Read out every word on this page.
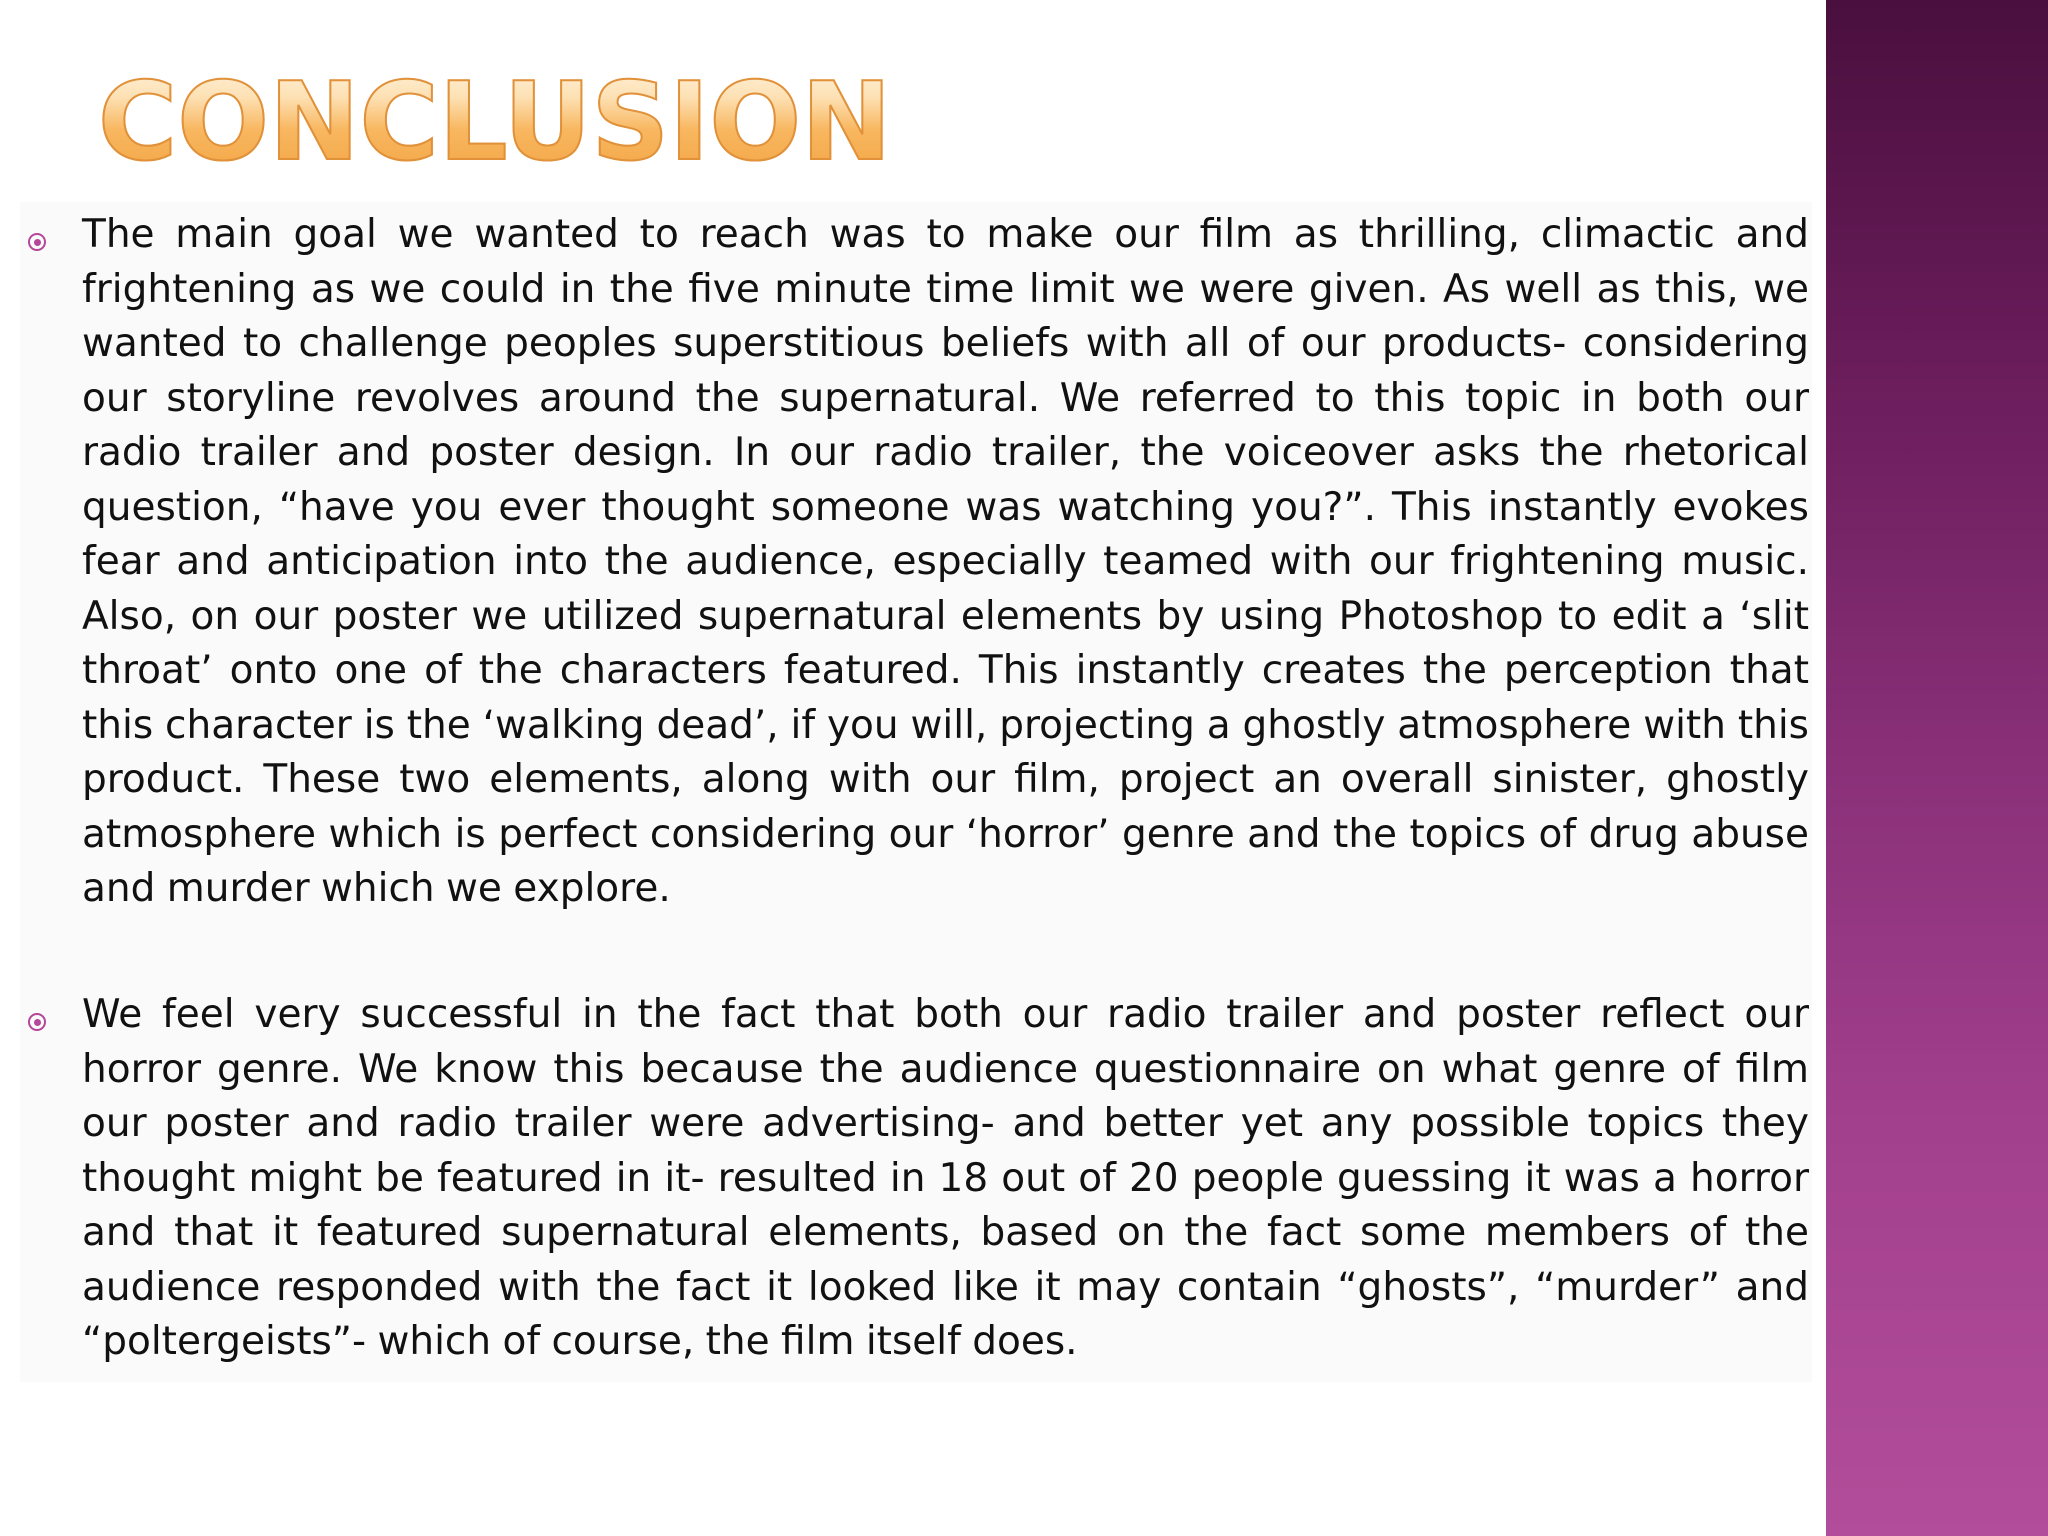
CONCLUSION

The main goal we wanted to reach was to make our film as thrilling, climactic and frightening as we could in the five minute time limit we were given. As well as this, we wanted to challenge peoples superstitious beliefs with all of our products- considering our storyline revolves around the supernatural. We referred to this topic in both our radio trailer and poster design. In our radio trailer, the voiceover asks the rhetorical question, “have you ever thought someone was watching you?”. This instantly evokes fear and anticipation into the audience, especially teamed with our frightening music. Also, on our poster we utilized supernatural elements by using Photoshop to edit a ‘slit throat’ onto one of the characters featured. This instantly creates the perception that this character is the ‘walking dead’, if you will, projecting a ghostly atmosphere with this product. These two elements, along with our film, project an overall sinister, ghostly atmosphere which is perfect considering our ‘horror’ genre and the topics of drug abuse and murder which we explore.

We feel very successful in the fact that both our radio trailer and poster reflect our horror genre. We know this because the audience questionnaire on what genre of film our poster and radio trailer were advertising- and better yet any possible topics they thought might be featured in it- resulted in 18 out of 20 people guessing it was a horror and that it featured supernatural elements, based on the fact some members of the audience responded with the fact it looked like it may contain “ghosts”, “murder” and “poltergeists”- which of course, the film itself does.
